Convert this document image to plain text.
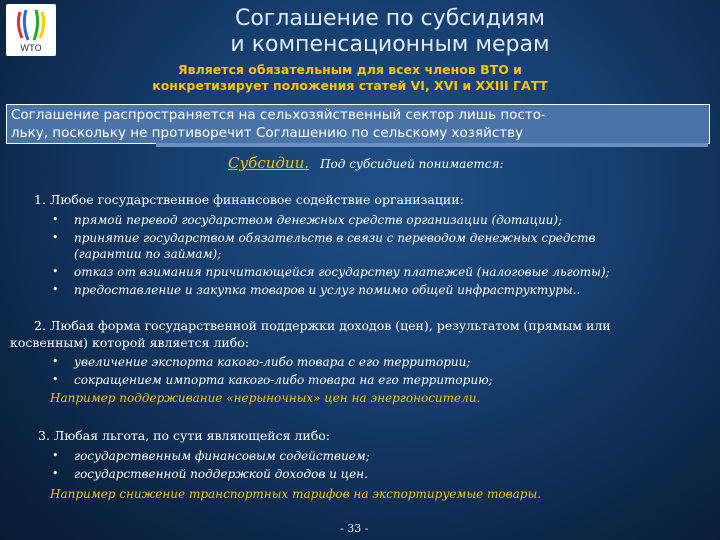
WTO
Соглашение по субсидиям
и компенсационным мерам
Является обязательным для всех членов ВТО и
конкретизирует положения статей VI, XVI и XXIII ГАТТ
Соглашение распространяется на сельхозяйственный сектор лишь посто-
льку, поскольку не противоречит Соглашению по сельскому хозяйству
Субсидии. Под субсидией понимается:
1. Любое государственное финансовое содействие организации:
• прямой перевод государством денежных средств организации (дотации);
• принятие государством обязательств в связи с переводом денежных средств
(гарантии по займам);
• отказ от взимания причитающейся государству платежей (налоговые льготы);
• предоставление и закупка товаров и услуг помимо общей инфраструктуры..
2. Любая форма государственной поддержки доходов (цен), результатом (прямым или
косвенным) которой является либо:
• увеличение экспорта какого-либо товара с его территории;
• сокращением импорта какого-либо товара на его территорию;
Например поддерживание «нерыночных» цен на энергоносители.
3. Любая льгота, по сути являющейся либо:
• государственным финансовым содействием;
• государственной поддержкой доходов и цен.
Например снижение транспортных тарифов на экспортируемые товары.
- 33 -
